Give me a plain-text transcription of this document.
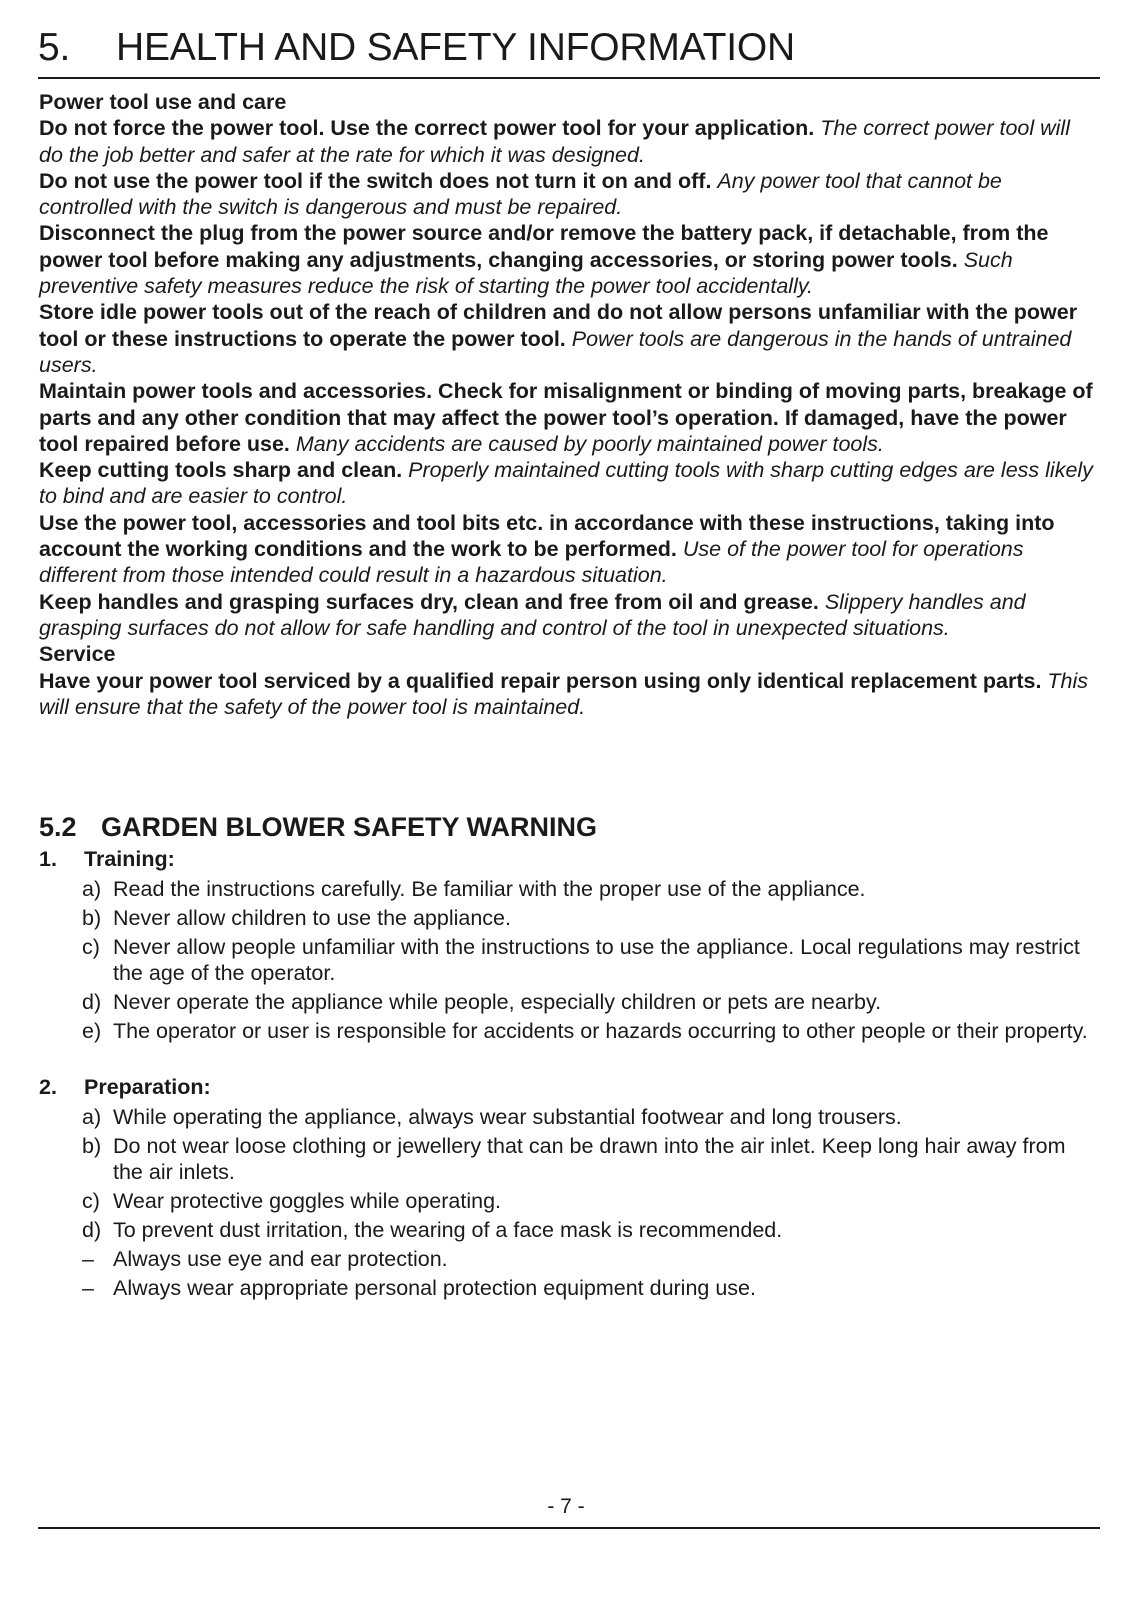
5. HEALTH AND SAFETY INFORMATION

Power tool use and care

Do not force the power tool. Use the correct power tool for your application. The correct power tool will do the job better and safer at the rate for which it was designed.

Do not use the power tool if the switch does not turn it on and off. Any power tool that cannot be controlled with the switch is dangerous and must be repaired.

Disconnect the plug from the power source and/or remove the battery pack, if detachable, from the power tool before making any adjustments, changing accessories, or storing power tools. Such preventive safety measures reduce the risk of starting the power tool accidentally.

Store idle power tools out of the reach of children and do not allow persons unfamiliar with the power tool or these instructions to operate the power tool. Power tools are dangerous in the hands of untrained users.

Maintain power tools and accessories. Check for misalignment or binding of moving parts, breakage of parts and any other condition that may affect the power tool’s operation. If damaged, have the power tool repaired before use. Many accidents are caused by poorly maintained power tools.

Keep cutting tools sharp and clean. Properly maintained cutting tools with sharp cutting edges are less likely to bind and are easier to control.

Use the power tool, accessories and tool bits etc. in accordance with these instructions, taking into account the working conditions and the work to be performed. Use of the power tool for operations different from those intended could result in a hazardous situation.

Keep handles and grasping surfaces dry, clean and free from oil and grease. Slippery handles and grasping surfaces do not allow for safe handling and control of the tool in unexpected situations.

Service

Have your power tool serviced by a qualified repair person using only identical replacement parts. This will ensure that the safety of the power tool is maintained.

5.2 GARDEN BLOWER SAFETY WARNING
1. Training:
a) Read the instructions carefully. Be familiar with the proper use of the appliance.
b) Never allow children to use the appliance.
c) Never allow people unfamiliar with the instructions to use the appliance. Local regulations may restrict the age of the operator.
d) Never operate the appliance while people, especially children or pets are nearby.
e) The operator or user is responsible for accidents or hazards occurring to other people or their property.
2. Preparation:
a) While operating the appliance, always wear substantial footwear and long trousers.
b) Do not wear loose clothing or jewellery that can be drawn into the air inlet. Keep long hair away from the air inlets.
c) Wear protective goggles while operating.
d) To prevent dust irritation, the wearing of a face mask is recommended.
– Always use eye and ear protection.
– Always wear appropriate personal protection equipment during use.
- 7 -
